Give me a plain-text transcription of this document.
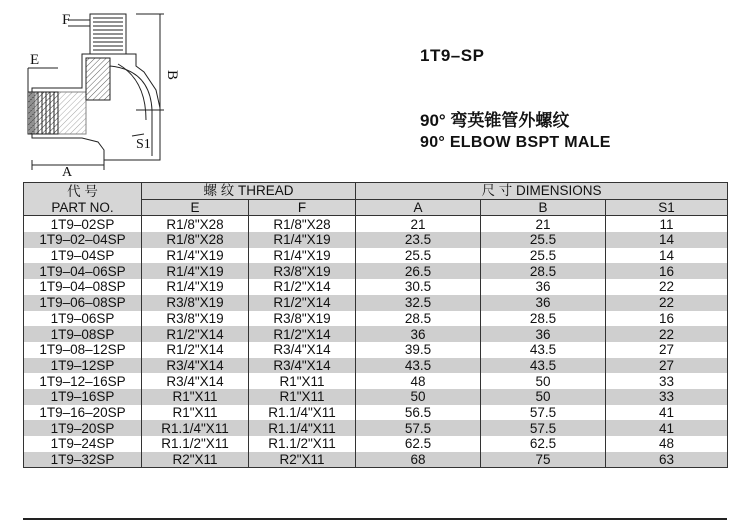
F
E
B
A
S1
1T9–SP
90° 弯英锥管外螺纹
90° ELBOW BSPT MALE
代 号	螺 纹 THREAD		尺 寸 DIMENSIONS		
PART NO.	E	F	A	B	S1
1T9–02SP	R1/8"X28	R1/8"X28	21	21	11
1T9–02–04SP	R1/8"X28	R1/4"X19	23.5	25.5	14
1T9–04SP	R1/4"X19	R1/4"X19	25.5	25.5	14
1T9–04–06SP	R1/4"X19	R3/8"X19	26.5	28.5	16
1T9–04–08SP	R1/4"X19	R1/2"X14	30.5	36	22
1T9–06–08SP	R3/8"X19	R1/2"X14	32.5	36	22
1T9–06SP	R3/8"X19	R3/8"X19	28.5	28.5	16
1T9–08SP	R1/2"X14	R1/2"X14	36	36	22
1T9–08–12SP	R1/2"X14	R3/4"X14	39.5	43.5	27
1T9–12SP	R3/4"X14	R3/4"X14	43.5	43.5	27
1T9–12–16SP	R3/4"X14	R1"X11	48	50	33
1T9–16SP	R1"X11	R1"X11	50	50	33
1T9–16–20SP	R1"X11	R1.1/4"X11	56.5	57.5	41
1T9–20SP	R1.1/4"X11	R1.1/4"X11	57.5	57.5	41
1T9–24SP	R1.1/2"X11	R1.1/2"X11	62.5	62.5	48
1T9–32SP	R2"X11	R2"X11	68	75	63
